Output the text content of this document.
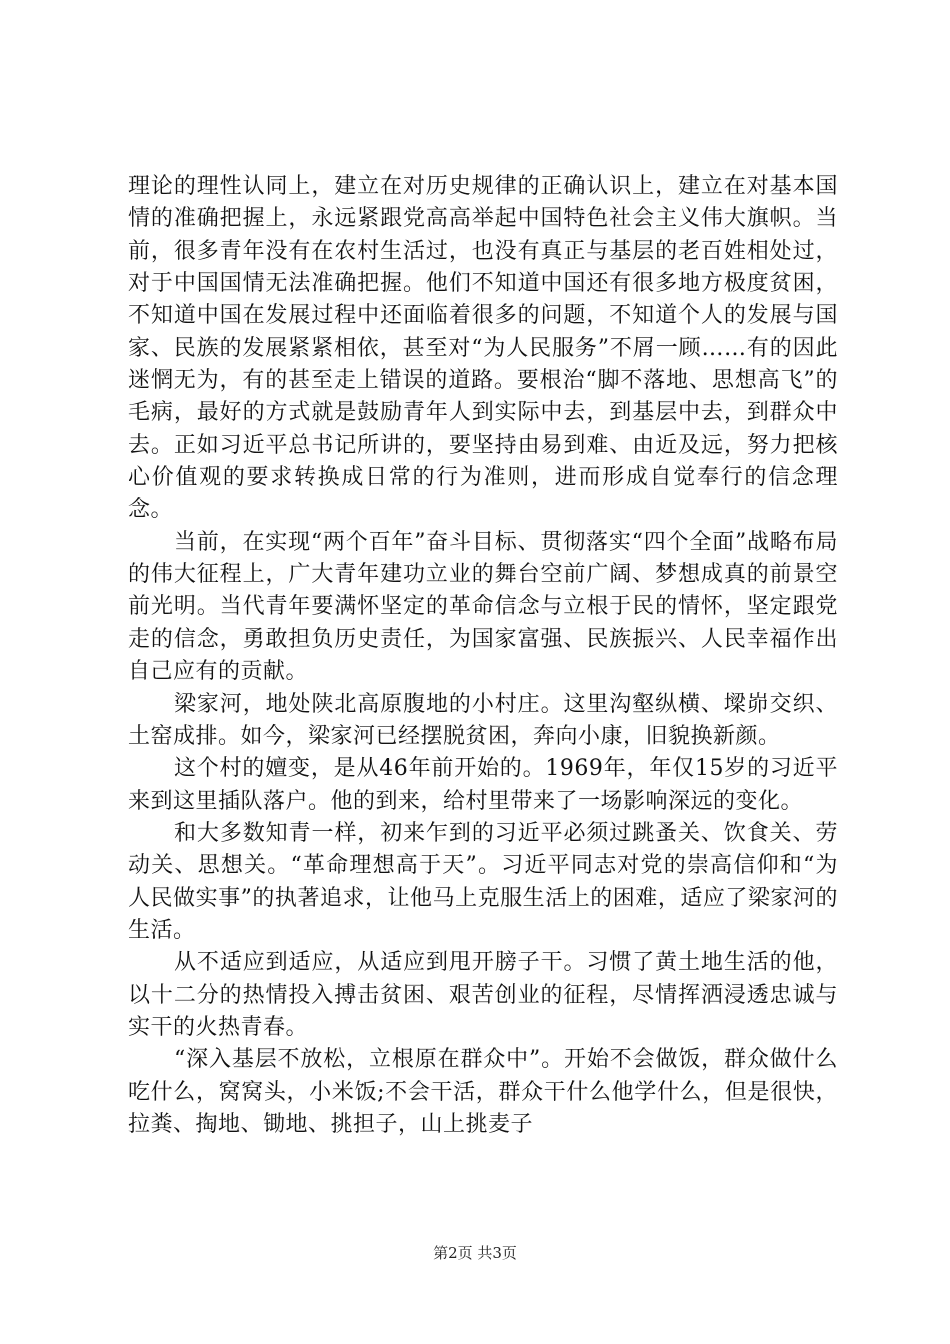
理论的理性认同上，建立在对历史规律的正确认识上，建立在对基本国情的准确把握上，永远紧跟党高高举起中国特色社会主义伟大旗帜。当前，很多青年没有在农村生活过，也没有真正与基层的老百姓相处过，对于中国国情无法准确把握。他们不知道中国还有很多地方极度贫困，不知道中国在发展过程中还面临着很多的问题，不知道个人的发展与国家、民族的发展紧紧相依，甚至对“为人民服务”不屑一顾……有的因此迷惘无为，有的甚至走上错误的道路。要根治“脚不落地、思想高飞”的毛病，最好的方式就是鼓励青年人到实际中去，到基层中去，到群众中去。正如习近平总书记所讲的，要坚持由易到难、由近及远，努力把核心价值观的要求转换成日常的行为准则，进而形成自觉奉行的信念理念。

当前，在实现“两个百年”奋斗目标、贯彻落实“四个全面”战略布局的伟大征程上，广大青年建功立业的舞台空前广阔、梦想成真的前景空前光明。当代青年要满怀坚定的革命信念与立根于民的情怀，坚定跟党走的信念，勇敢担负历史责任，为国家富强、民族振兴、人民幸福作出自己应有的贡献。

梁家河，地处陕北高原腹地的小村庄。这里沟壑纵横、墚峁交织、土窑成排。如今，梁家河已经摆脱贫困，奔向小康，旧貌换新颜。

这个村的嬗变，是从46年前开始的。1969年，年仅15岁的习近平来到这里插队落户。他的到来，给村里带来了一场影响深远的变化。

和大多数知青一样，初来乍到的习近平必须过跳蚤关、饮食关、劳动关、思想关。“革命理想高于天”。习近平同志对党的崇高信仰和“为人民做实事”的执著追求，让他马上克服生活上的困难，适应了梁家河的生活。

从不适应到适应，从适应到甩开膀子干。习惯了黄土地生活的他，以十二分的热情投入搏击贫困、艰苦创业的征程，尽情挥洒浸透忠诚与实干的火热青春。

“深入基层不放松，立根原在群众中”。开始不会做饭，群众做什么吃什么，窝窝头，小米饭;不会干活，群众干什么他学什么，但是很快，拉粪、掏地、锄地、挑担子，山上挑麦子

第2页 共3页
